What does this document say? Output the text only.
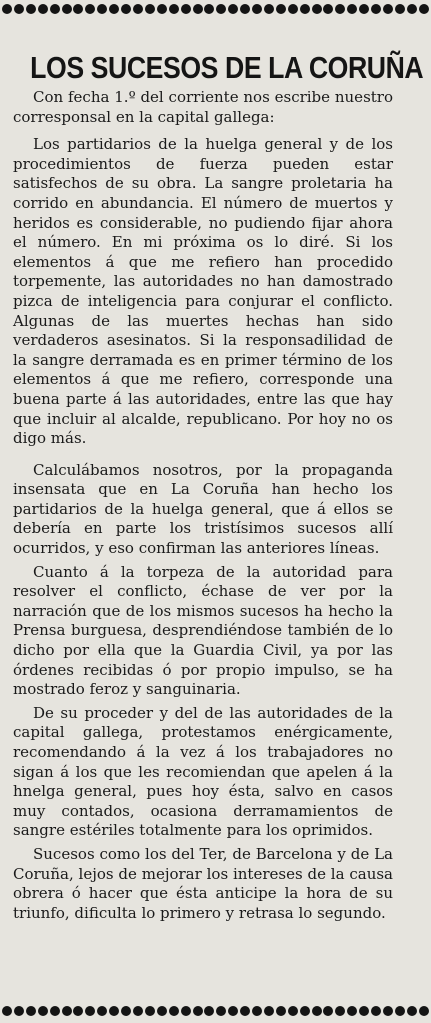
LOS SUCESOS DE LA CORUÑA

Con fecha 1.º del corriente nos escribe nuestro corresponsal en la capital gallega:

Los partidarios de la huelga general y de los procedimientos de fuerza pueden estar satisfechos de su obra. La sangre proletaria ha corrido en abundancia. El número de muertos y heridos es considerable, no pudiendo fijar ahora el número. En mi próxima os lo diré. Si los elementos á que me refiero han procedido torpemente, las autoridades no han damostrado pizca de inteligencia para conjurar el conflicto. Algunas de las muertes hechas han sido verdaderos asesinatos. Si la responsadilidad de la sangre derramada es en primer término de los elementos á que me refiero, corresponde una buena parte á las autoridades, entre las que hay que incluir al alcalde, republicano. Por hoy no os digo más.

Calculábamos nosotros, por la propaganda insensata que en La Coruña han hecho los partidarios de la huelga general, que á ellos se debería en parte los tristísimos sucesos allí ocurridos, y eso confirman las anteriores líneas.

Cuanto á la torpeza de la autoridad para resolver el conflicto, échase de ver por la narración que de los mismos sucesos ha hecho la Prensa burguesa, desprendiéndose también de lo dicho por ella que la Guardia Civil, ya por las órdenes recibidas ó por propio impulso, se ha mostrado feroz y sanguinaria.

De su proceder y del de las autoridades de la capital gallega, protestamos enérgicamente, recomendando á la vez á los trabajadores no sigan á los que les recomiendan que apelen á la hnelga general, pues hoy ésta, salvo en casos muy contados, ocasiona derramamientos de sangre estériles totalmente para los oprimidos.

Sucesos como los del Ter, de Barcelona y de La Coruña, lejos de mejorar los intereses de la causa obrera ó hacer que ésta anticipe la hora de su triunfo, dificulta lo primero y retrasa lo segundo.
